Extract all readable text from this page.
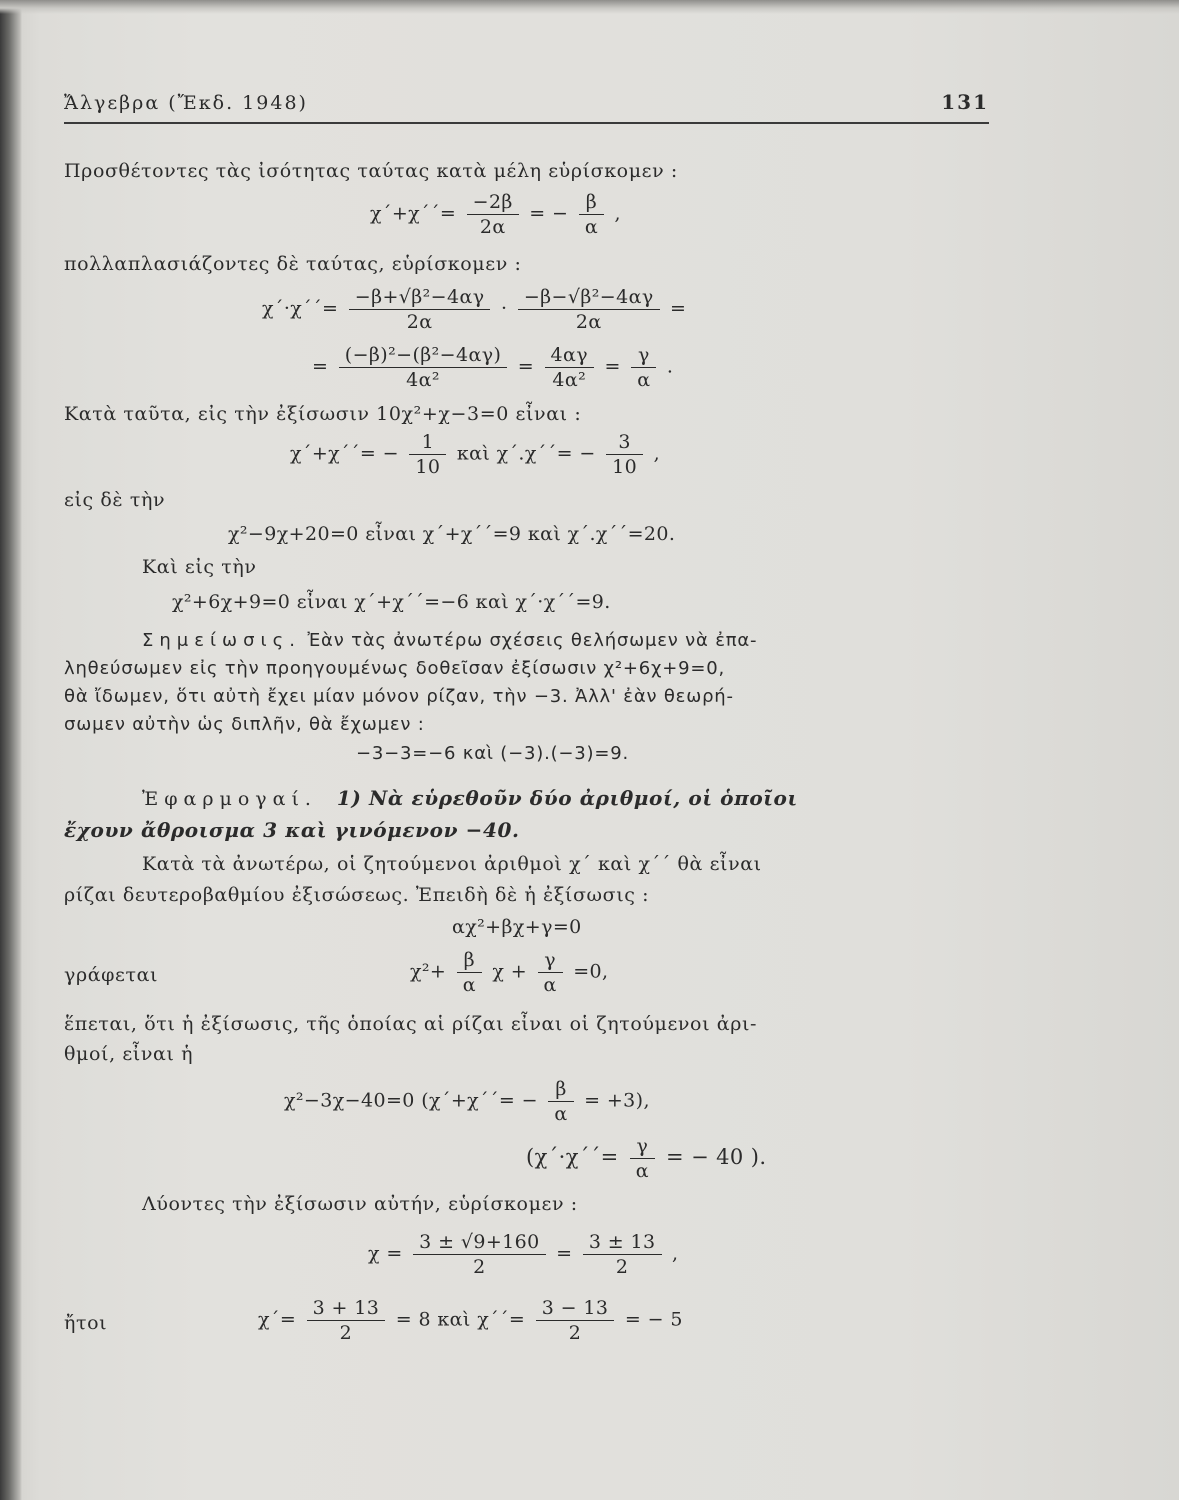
Ἄλγεβρα (Ἔκδ. 1948)	131
Προσθέτοντες τὰς ἰσότητας ταύτας κατὰ μέλη εὑρίσκομεν :
$\chi΄+\chi΄΄= \frac{-2\beta}{2\alpha}$ = − $\frac{\beta}{\alpha}$ ,
πολλαπλασιάζοντες δὲ ταύτας, εὑρίσκομεν :
$\chi΄\cdot\chi΄΄= \frac{\text{−β+√β²−4αγ}}{2\alpha} \cdot \frac{\text{−β−√β²−4αγ}}{2\alpha}$ =
= $\frac{\text{(−β)²−(β²−4αγ)}}{\text{4α²}} = \frac{4\alpha\gamma}{\text{4α²}} = \frac{\gamma}{\alpha}$ .
Κατὰ ταῦτα, εἰς τὴν ἐξίσωσιν 10χ²+χ−3=0 εἶναι :
$\chi΄+\chi΄΄= - \frac{1}{10}$ καὶ $\chi΄.\chi΄΄= - \frac{3}{10}$ ,
εἰς δὲ τὴν
χ²−9χ+20=0 εἶναι χ΄+χ΄΄=9 καὶ χ΄.χ΄΄=20.
Καὶ εἰς τὴν
χ²+6χ+9=0 εἶναι χ΄+χ΄΄=−6 καὶ χ΄·χ΄΄=9.
Σημείωσις. Ἐὰν τὰς ἀνωτέρω σχέσεις θελήσωμεν νὰ ἐπα-
ληθεύσωμεν εἰς τὴν προηγουμένως δοθεῖσαν ἐξίσωσιν χ²+6χ+9=0,
θὰ ἴδωμεν, ὅτι αὐτὴ ἔχει μίαν μόνον ρίζαν, τὴν −3. Ἀλλ' ἐὰν θεωρή-
σωμεν αὐτὴν ὡς διπλῆν, θὰ ἔχωμεν :
−3−3=−6 καὶ (−3).(−3)=9.
Ἐφαρμογαί. 1) Νὰ εὑρεθοῦν δύο ἀριθμοί, οἱ ὁποῖοι
ἔχουν ἄθροισμα 3 καὶ γινόμενον −40.
Κατὰ τὰ ἀνωτέρω, οἱ ζητούμενοι ἀριθμοὶ χ΄ καὶ χ΄΄ θὰ εἶναι
ρίζαι δευτεροβαθμίου ἐξισώσεως. Ἐπειδὴ δὲ ἡ ἐξίσωσις :
αχ²+βχ+γ=0
γράφεται	$\chi^2+ \frac{\beta}{\alpha}$ $\chi + \frac{\gamma}{\alpha} =0$,
ἕπεται, ὅτι ἡ ἐξίσωσις, τῆς ὁποίας αἱ ρίζαι εἶναι οἱ ζητούμενοι ἀρι-
θμοί, εἶναι ἡ
χ²−3χ−40=0 $(\chi΄+\chi΄΄= - \frac{\beta}{\alpha} = +3)$,
($\chi΄\cdot\chi΄΄= \frac{\gamma}{\alpha}$ = − 40 ).
Λύοντες τὴν ἐξίσωσιν αὐτήν, εὑρίσκομεν :
$\chi = \frac{3 \pm √9+160}{2} = \frac{3 \pm 13}{2}$ ,
ἤτοι	$\chi΄= \frac{3 + 13}{2} = 8$ καὶ $\chi΄΄= \frac{3 - 13}{2}$ = − 5
